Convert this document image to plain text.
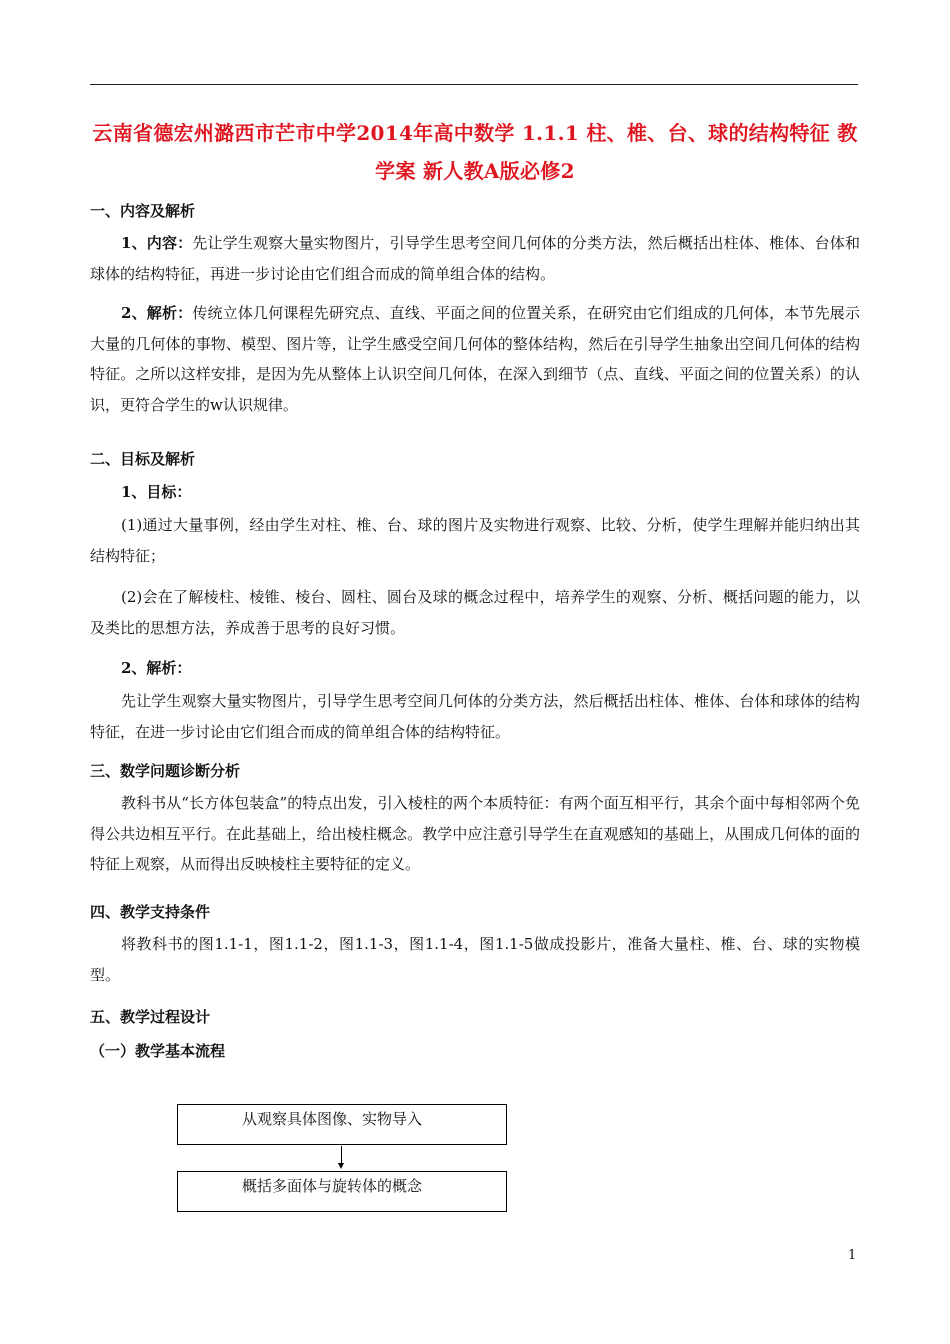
云南省德宏州潞西市芒市中学2014年高中数学 1.1.1 柱、椎、台、球的结构特征 教学案 新人教A版必修2
一、内容及解析

1、内容：先让学生观察大量实物图片，引导学生思考空间几何体的分类方法，然后概括出柱体、椎体、台体和球体的结构特征，再进一步讨论由它们组合而成的简单组合体的结构。

2、解析：传统立体几何课程先研究点、直线、平面之间的位置关系，在研究由它们组成的几何体，本节先展示大量的几何体的事物、模型、图片等，让学生感受空间几何体的整体结构，然后在引导学生抽象出空间几何体的结构特征。之所以这样安排，是因为先从整体上认识空间几何体，在深入到细节（点、直线、平面之间的位置关系）的认识，更符合学生的w认识规律。

二、目标及解析
1、目标：

(1)通过大量事例，经由学生对柱、椎、台、球的图片及实物进行观察、比较、分析，使学生理解并能归纳出其结构特征；

(2)会在了解棱柱、棱锥、棱台、圆柱、圆台及球的概念过程中，培养学生的观察、分析、概括问题的能力，以及类比的思想方法，养成善于思考的良好习惯。

2、解析：

先让学生观察大量实物图片，引导学生思考空间几何体的分类方法，然后概括出柱体、椎体、台体和球体的结构特征，在进一步讨论由它们组合而成的简单组合体的结构特征。

三、数学问题诊断分析

教科书从“长方体包装盒”的特点出发，引入棱柱的两个本质特征：有两个面互相平行，其余个面中每相邻两个免得公共边相互平行。在此基础上，给出棱柱概念。教学中应注意引导学生在直观感知的基础上，从围成几何体的面的特征上观察，从而得出反映棱柱主要特征的定义。

四、教学支持条件

将教科书的图1.1-1，图1.1-2，图1.1-3，图1.1-4，图1.1-5做成投影片，准备大量柱、椎、台、球的实物模型。

五、教学过程设计
（一）教学基本流程
从观察具体图像、实物导入
概括多面体与旋转体的概念
1
